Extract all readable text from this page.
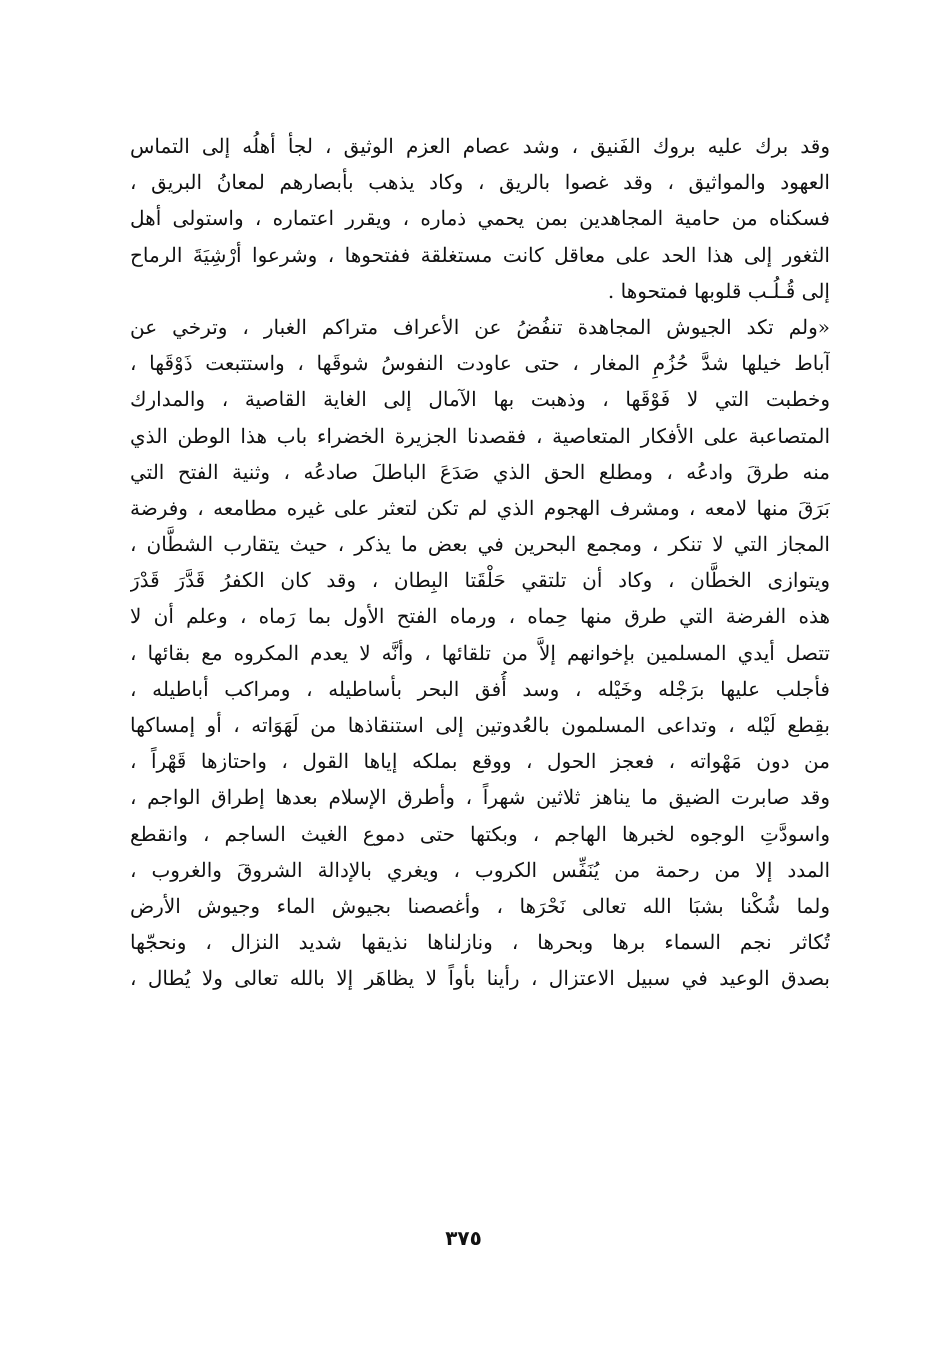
وقد برك عليه بروك الفَنيق ، وشد عصام العزم الوثيق ، لجأ أهلُه إلى التماس
العهود والمواثيق ، وقد غصوا بالريق ، وكاد يذهب بأبصارهم لمعانُ البريق ،
فسكناه من حامية المجاهدين بمن يحمي ذماره ، ويقرر اعتماره ، واستولى أهل
الثغور إلى هذا الحد على معاقل كانت مستغلقة ففتحوها ، وشرعوا أرْشِيَةَ الرماح
إلى قُـلُـب قلوبها فمتحوها .
«ولم تكد الجيوش المجاهدة تنفُضُ عن الأعراف متراكم الغبار ، وترخي عن
آباط خيلها شدَّ حُزُمِ المغار ، حتى عاودت النفوسُ شوقَها ، واستتبعت ذَوْقَها ،
وخطبت التي لا فَوْقَها ، وذهبت بها الآمال إلى الغاية القاصية ، والمدارك
المتصاعبة على الأفكار المتعاصية ، فقصدنا الجزيرة الخضراء باب هذا الوطن الذي
منه طرقَ وادعُه ، ومطلع الحق الذي صَدَعَ الباطلَ صادعُه ، وثنية الفتح التي
بَرَقَ منها لامعه ، ومشرف الهجوم الذي لم تكن لتعثر على غيره مطامعه ، وفرضة
المجاز التي لا تنكر ، ومجمع البحرين في بعض ما يذكر ، حيث يتقارب الشطَّان ،
ويتوازى الخطَّان ، وكاد أن تلتقي حَلْقَتا البِطان ، وقد كان الكفرُ قَدَّرَ قَدْرَ
هذه الفرضة التي طرق منها حِماه ، ورماه الفتح الأول بما رَماه ، وعلم أن لا
تتصل أيدي المسلمين بإخوانهم إلاَّ من تلقائها ، وأنَّه لا يعدم المكروه مع بقائها ،
فأجلب عليها برَجْله وخَيْله ، وسد أُفق البحر بأساطيله ، ومراكب أباطيله ،
بقِطع لَيْله ، وتداعى المسلمون بالعُدوتين إلى استنقاذها من لَهَوَاته ، أو إمساكها
من دون مَهْواته ، فعجز الحول ، ووقع بملكه إياها القول ، واحتازها قَهْراً ،
وقد صابرت الضيق ما يناهز ثلاثين شهراً ، وأطرق الإسلام بعدها إطراق الواجم ،
واسودَّتِ الوجوه لخبرها الهاجم ، وبكتها حتى دموع الغيث الساجم ، وانقطع
المدد إلا من رحمة من يُنَفِّس الكروب ، ويغري بالإدالة الشروقَ والغروب ،
ولما شُكْنا بشبَا الله تعالى نَحْرَها ، وأغصصنا بجيوش الماء وجيوش الأرض
تُكاثر نجم السماء برها وبحرها ، ونازلناها نذيقها شديد النزال ، ونحجّها
بصدق الوعيد في سبيل الاعتزال ، رأينا بأواً لا يظاهَر إلا بالله تعالى ولا يُطال ،
٣٧٥
